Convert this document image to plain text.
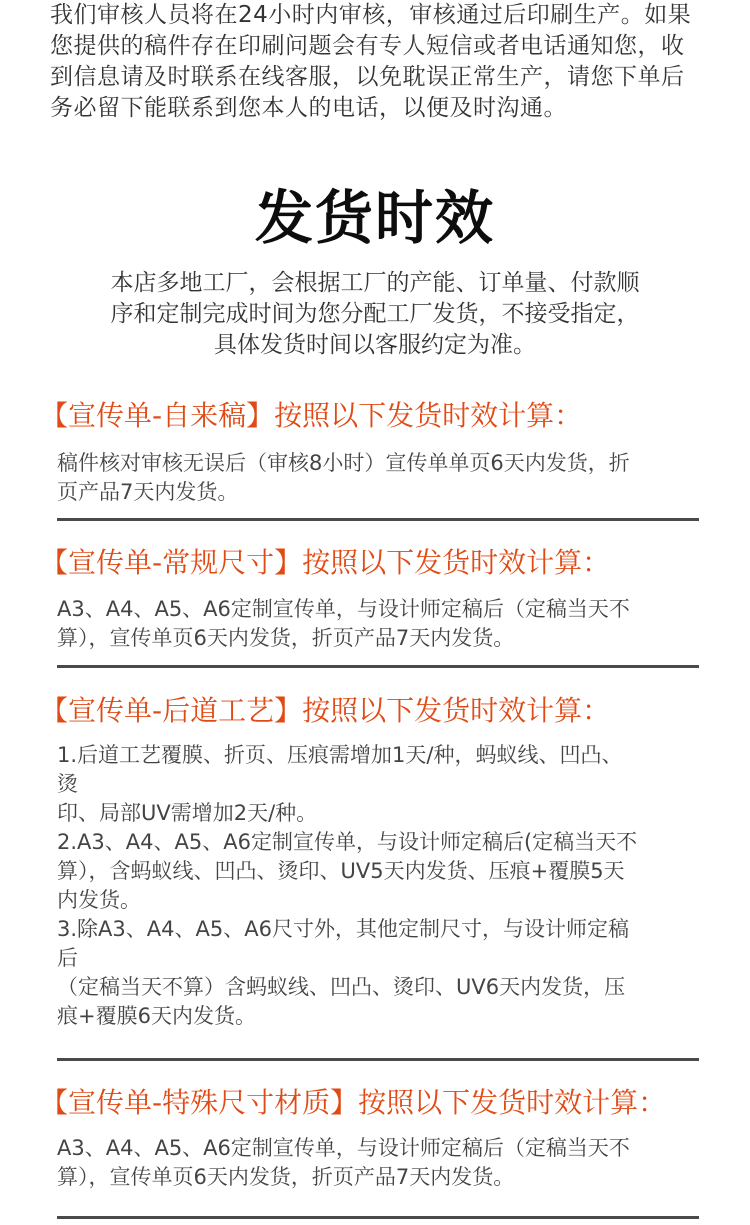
我们审核人员将在24小时内审核，审核通过后印刷生产。如果

您提供的稿件存在印刷问题会有专人短信或者电话通知您，收

到信息请及时联系在线客服，以免耽误正常生产，请您下单后

务必留下能联系到您本人的电话，以便及时沟通。

发货时效

本店多地工厂，会根据工厂的产能、订单量、付款顺

序和定制完成时间为您分配工厂发货，不接受指定，

具体发货时间以客服约定为准。

【宣传单-自来稿】按照以下发货时效计算：

稿件核对审核无误后（审核8小时）宣传单单页6天内发货，折

页产品7天内发货。

【宣传单-常规尺寸】按照以下发货时效计算：

A3、A4、A5、A6定制宣传单，与设计师定稿后（定稿当天不

算），宣传单页6天内发货，折页产品7天内发货。

【宣传单-后道工艺】按照以下发货时效计算：

1.后道工艺覆膜、折页、压痕需增加1天/种，蚂蚁线、凹凸、

烫

印、局部UV需增加2天/种。

2.A3、A4、A5、A6定制宣传单，与设计师定稿后(定稿当天不

算），含蚂蚁线、凹凸、烫印、UV5天内发货、压痕+覆膜5天

内发货。

3.除A3、A4、A5、A6尺寸外，其他定制尺寸，与设计师定稿

后

（定稿当天不算）含蚂蚁线、凹凸、烫印、UV6天内发货，压

痕+覆膜6天内发货。

【宣传单-特殊尺寸材质】按照以下发货时效计算：

A3、A4、A5、A6定制宣传单，与设计师定稿后（定稿当天不

算），宣传单页6天内发货，折页产品7天内发货。
